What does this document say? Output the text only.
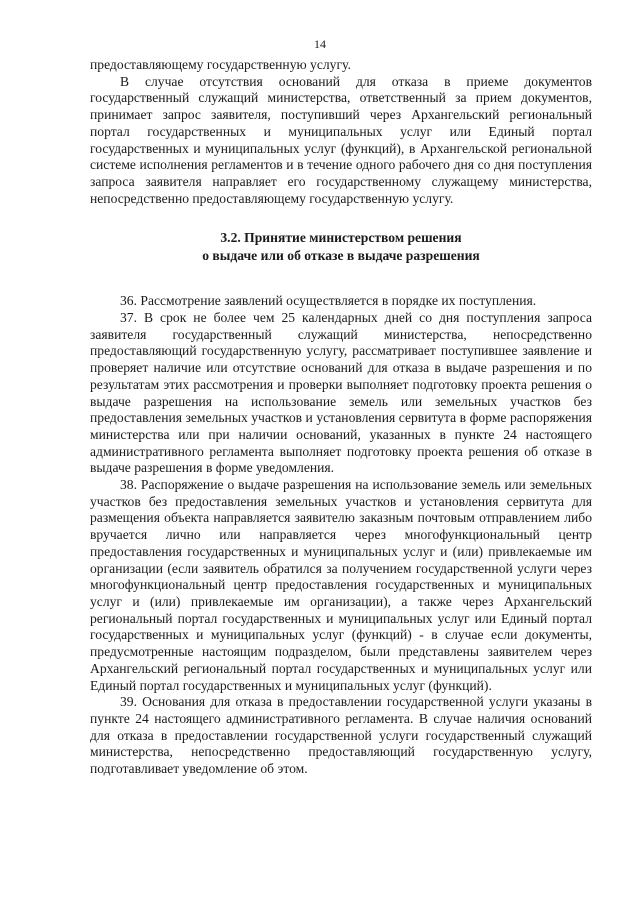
14

предоставляющему государственную услугу.

В случае отсутствия оснований для отказа в приеме документов государственный служащий министерства, ответственный за прием документов, принимает запрос заявителя, поступивший через Архангельский региональный портал государственных и муниципальных услуг или Единый портал государственных и муниципальных услуг (функций), в Архангельской региональной системе исполнения регламентов и в течение одного рабочего дня со дня поступления запроса заявителя направляет его государственному служащему министерства, непосредственно предоставляющему государственную услугу.

3.2. Принятие министерством решения
о выдаче или об отказе в выдаче разрешения

36. Рассмотрение заявлений осуществляется в порядке их поступления.

37. В срок не более чем 25 календарных дней со дня поступления запроса заявителя государственный служащий министерства, непосредственно предоставляющий государственную услугу, рассматривает поступившее заявление и проверяет наличие или отсутствие оснований для отказа в выдаче разрешения и по результатам этих рассмотрения и проверки выполняет подготовку проекта решения о выдаче разрешения на использование земель или земельных участков без предоставления земельных участков и установления сервитута в форме распоряжения министерства или при наличии оснований, указанных в пункте 24 настоящего административного регламента выполняет подготовку проекта решения об отказе в выдаче разрешения в форме уведомления.

38. Распоряжение о выдаче разрешения на использование земель или земельных участков без предоставления земельных участков и установления сервитута для размещения объекта направляется заявителю заказным почтовым отправлением либо вручается лично или направляется через многофункциональный центр предоставления государственных и муниципальных услуг и (или) привлекаемые им организации (если заявитель обратился за получением государственной услуги через многофункциональный центр предоставления государственных и муниципальных услуг и (или) привлекаемые им организации), а также через Архангельский региональный портал государственных и муниципальных услуг или Единый портал государственных и муниципальных услуг (функций) - в случае если документы, предусмотренные настоящим подразделом, были представлены заявителем через Архангельский региональный портал государственных и муниципальных услуг или Единый портал государственных и муниципальных услуг (функций).

39. Основания для отказа в предоставлении государственной услуги указаны в пункте 24 настоящего административного регламента. В случае наличия оснований для отказа в предоставлении государственной услуги государственный служащий министерства, непосредственно предоставляющий государственную услугу, подготавливает уведомление об этом.
